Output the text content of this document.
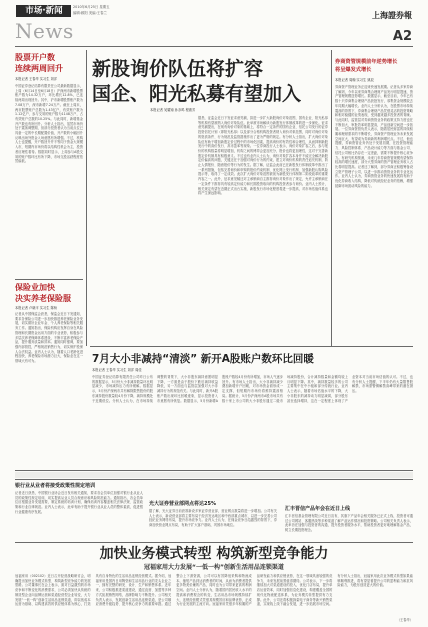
市场·新闻	2010年6月25日 星期五
编辑:顾阳 美编:王春兰
News
上海證券報
A2
股票开户数
连续两周回升
本报记者 王春华 实习生 刘洋
中国证券登记结算有限责任公司最新数据显示，上周（6月14日至6月18日）沪深两市新增股票账户数为14.32万户，环比增长12.8%，已连续两周出现回升。其中，沪市新增股票账户数为7.08万户，深市新增7.24万户。截至上周末，两市股票账户总数为1.43亿户，有效账户数为1.12亿户，参与交易的账户数为1148万户，占有效账户总数的10.25%。与此同时，新增基金开户数也有所回升。分析人士指出，虽然市场仍处于震荡调整期，但部分投资者认为当前点位已具备一定的中长期配置价值，开户数的小幅回升反映出场外资金入场意愿有所增强。不过，机构人士也提醒，开户数回升并不等同于资金大规模入市，短期内市场仍将以结构性机会为主，投资者应理性看待。数据同时显示，上周参与A股交易的账户数环比有所下降，市场交投活跃程度依然偏低。
保险业加快
决实养老保险服
本报记者 卢晓平 实习生 陈杨
记者从中国保监会获悉，保监会近日下发通知，要求各保险公司进一步加快推进养老保险业务发展，切实做好企业年金、个人养老保险等相关服务工作。通知指出，保险机构应发挥自身在风险管理和长期资金运用方面的专业优势，积极参与多层次养老保障体系建设，不断丰富养老保险产品，提升服务质量和效率。通知同时强调，要加强内部管控，严格规范销售行为，切实保护投保人合法权益。业内人士认为，随着人口老龄化进程加快，养老保险市场潜力巨大，保险业在这一领域大有可为。
新股询价队伍将扩容
国企、阳光私募有望加入
本报记者 吴耀南 孙亦鸣 程惠芳
据悉，证监会近日下发征求意见稿，拟进一步扩大新股询价对象范围，国有企业、阳光私募等机构有望被纳入询价对象队伍。此举被市场解读为新股发行体制改革的进一步深化。征求意见稿提出，在现有询价对象的基础上，将符合一定条件的国有企业、信托公司发行的证券投资信托计划（即阳光私募）以及部分合格机构投资者纳入询价对象范围，同时对询价对象的资质条件、行为规范及监管措施作出了更为严格的规定。有分析人士指出，扩大询价对象队伍有助于增加新股定价过程中的市场化因素，提高询价的有效性和合理性，从而抑制新股发行中的高价发行、高市盈率等现象。一位券商投行人士表示，询价对象扩容之后，参与报价的机构数量将明显增加，机构之间的博弈会更加充分，报价也将更加理性，这对于完善新股定价机制具有积极意义。不过也有业内人士认为，询价对象扩容本身并不能完全解决新股定价偏高的问题，关键还在于加强对询价行为的约束，建立对询价机构的责任追究机制，防止人情报价、随意报价等行为的发生。据了解，证监会此前已在新股发行体制改革中推出了一系列措施，包括完善询价和申购的报价约束机制、优化网上发行机制、加强新股认购风险提示等，取得了一定成效。此次扩大询价对象范围被视为新股发行体制第二阶段改革的重要内容之一。此外，征求意见稿还对主承销商自主推荐询价对象作出了规定，允许主承销商在一定条件下推荐具有较高定价能力和长期投资取向的机构投资者参与询价。业内人士预计，相关规定有望在近期正式出台实施，新股发行市场化程度将进一步提高，对市场估值体系也将产生深远影响。
券商资管规模前年逆势增长
将呈爆发式增长
本报记者 周翰·实习生 姚辰
券商资产管理业务正迎来快速发展期。记者从多家券商了解到，今年以来券商集合理财产品发行明显提速，资产管理规模逆势增长。数据显示，截至目前，今年已有数十只券商集合理财产品获批发行，募集资金规模较去年同期大幅增长。业内人士分析认为，在股票市场持续震荡的背景下，券商集合理财产品凭借灵活的投资策略和相对稳健的业绩表现，受到越来越多投资者的青睐。与此同时，监管层对券商资管业务的政策支持力度也在不断加大，审批效率明显提高，产品创新空间进一步拓展。一位券商资管负责人表示，随着居民财富的持续积累和理财需求的不断增长，券商资产管理业务未来发展空间巨大，有望成为券商新的利润增长点。不过，他也提醒，券商资管业务仍处于发展初期，在投资管理能力、风险控制体系、产品设计能力等方面与基金公司、信托公司相比仍存在一定差距，需要不断提升核心竞争力。有研究机构预测，未来几年券商资管规模有望保持较高的增长速度，部分大型券商的资产管理业务收入占比将明显提高。记者还了解到，部分券商正积极筹备设立资产管理子公司，以进一步推动资管业务的专业化运作。业内人士认为，券商资管业务的快速发展将有助于优化券商收入结构，降低对传统经纪业务的依赖，增强抵御市场波动风险的能力。
7月大小非减持“清淡” 新开A股账户数环比回暖
本报记者 王春华 实习生 刘洋 周佳
中国证券登记结算有限责任公司昨日公布的数据显示，5月份大小非减持数量环比明显减少，市场减持压力有所缓解。数据显示，5月份沪深两市共有解除限售股份的股东减持股份数量较4月份下降，减持规模处于近期低位。分析人士认为，在市场持续调整的背景下，大小非股东减持意愿明显下降，一方面是由于股价下跌后减持收益降低，另一方面也与监管层加强对大小非减持行为的规范有关。与此同时，新开A股账户数出现环比回暖迹象，显示投资者入市意愿有所恢复。数据显示，5月份新增A股账户数较4月份有所增加，市场人气逐步回升。有市场人士指出，大小非减持减少叠加新增开户回暖，对市场资金面形成一定支撑，但短期内市场仍将维持震荡格局。据统计，5月份沪深两市A股市场共有数十家上市公司的大小非股东通过二级市场减持股份，合计减持数量和金额均较上月明显下降。其中，减持数量较多的公司主要集中在中小板和部分传统行业。业内人士表示，随着市场估值水平的下降，大小非股东的减持动力明显减弱，部分股东甚至选择增持，这在一定程度上体现了产业资本对当前市场估值的认可。不过，也有分析人士提醒，下半年仍有大量限售股解禁，市场需警惕解禁高峰带来的潜在抛压。
银行业从业者将接受政策性规定培训
记者近日获悉，中国银行业协会近日发布相关通知，要求各会员单位加强对银行业从业人员的政策性规定培训，切实提高从业人员合规意识和风险防范能力。通知指出，各会员单位应根据业务发展需要，制定系统的培训计划，确保培训内容覆盖相关法律法规、监管政策和行业自律规范。业内人士表示，此举有助于提升银行业从业人员的整体素质，促进银行业健康有序发展。
光大证券营业部网点将达25%
据了解，光大证券日前获准新设多家证券营业部，营业网点数量将进一步增加。公司有关人士表示，新设营业部将主要布局于经济发达地区和中西部重点城市，以进一步完善公司经纪业务网络布局，提升市场竞争力。业内人士认为，在佣金竞争日趋激烈的背景下，券商加快营业网点布局，有助于扩大客户基础，巩固市场地位。
汇丰晋信产品年会在近日上线
汇丰晋信基金管理有限公司近日宣布，其旗下产品年会相关服务已正式上线，投资者可通过公司网站、客服热线等多种渠道了解产品运作情况和投资策略。公司相关负责人表示，此举旨在加强与投资者的沟通，提升投资者服务水平，帮助投资者更好地理解基金产品，树立长期投资理念。
加快业务模式转型 构筑新型竞争能力
冠福家用大力发展“一低一构”创新生活用品连锁渠道
冠福家用（002102）近日召开经营战略研讨会，明确提出加快业务模式转型、构筑新型竞争能力的发展思路。公司董事长在会上表示，面对日益激烈的市场竞争和不断变化的消费需求，公司必须加快从传统的制造型企业向品牌运营和渠道经营型企业转变，大力发展“一低一构”创新生活用品连锁渠道，即以低成本运营为基础、以构建高效的供应链体系为核心，打造具有自身特色的生活用品连锁经营模式。据介绍，冠福家用是国内日用陶瓷和生活用品行业的龙头企业之一，拥有完整的研发、设计、生产和销售体系。近年来，公司积极推进渠道建设，通过直营、加盟等多种方式拓展销售网络，品牌影响力不断提升。公司相关负责人表示，发展创新生活用品连锁渠道，是公司顺应消费升级趋势、提升核心竞争力的重要举措。通过整合上下游资源，公司可以有效降低采购和物流成本，缩短产品到达消费者的时间，从而为消费者提供更多物美价廉的产品，同时也为公司带来更高的利润空间。业内人士分析认为，随着国内居民收入水平的提高和消费观念的转变，生活用品市场规模持续扩大，连锁经营模式凭借其规模效应和品牌优势，正成为行业发展的主流方向。冠福家用凭借多年积累的产品研发能力和供应链优势，在这一领域具备较强的竞争力，未来发展前景值得期待。公司表示，下一步将继续加大对渠道建设的投入，优化门店布局，提升单店运营效率，同时加强信息化建设，构建覆盖全国的现代化物流配送体系，为业务模式转型提供有力支撑。此外，公司还将积极探索电子商务等新兴销售渠道，实现线上线下融合发展，进一步拓展市场空间。有分析人士指出，冠福家用此次业务模式转型如果能够顺利推进，将有望显著提升公司的盈利能力和抗风险能力，为股东创造更大的价值。
（王春华）
